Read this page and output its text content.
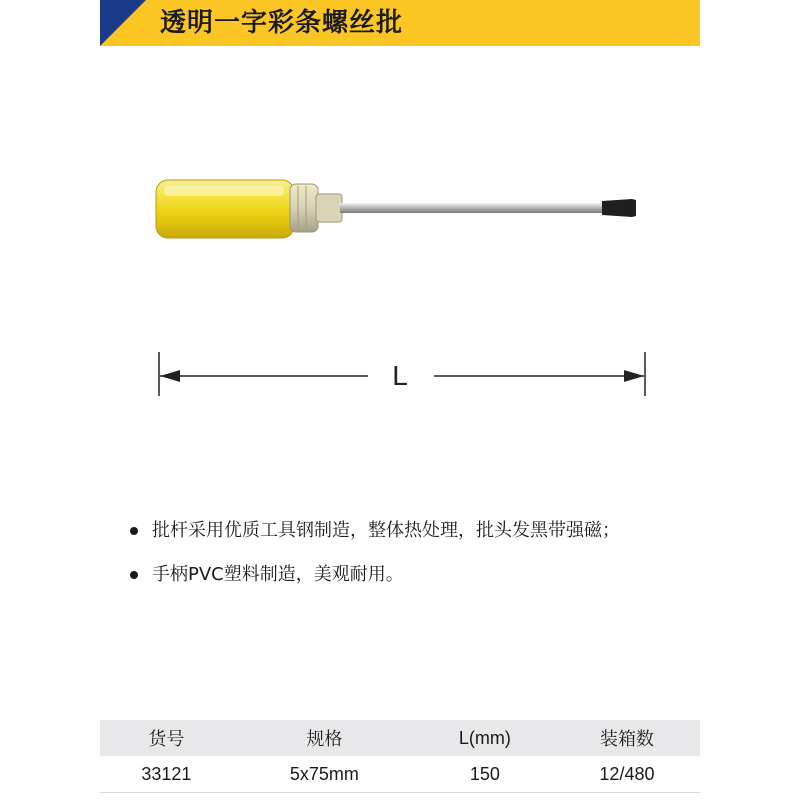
透明一字彩条螺丝批
L
批杆采用优质工具钢制造，整体热处理，批头发黑带强磁；
手柄PVC塑料制造，美观耐用。
货号	规格	L(mm)	装箱数
33121	5x75mm	150	12/480
